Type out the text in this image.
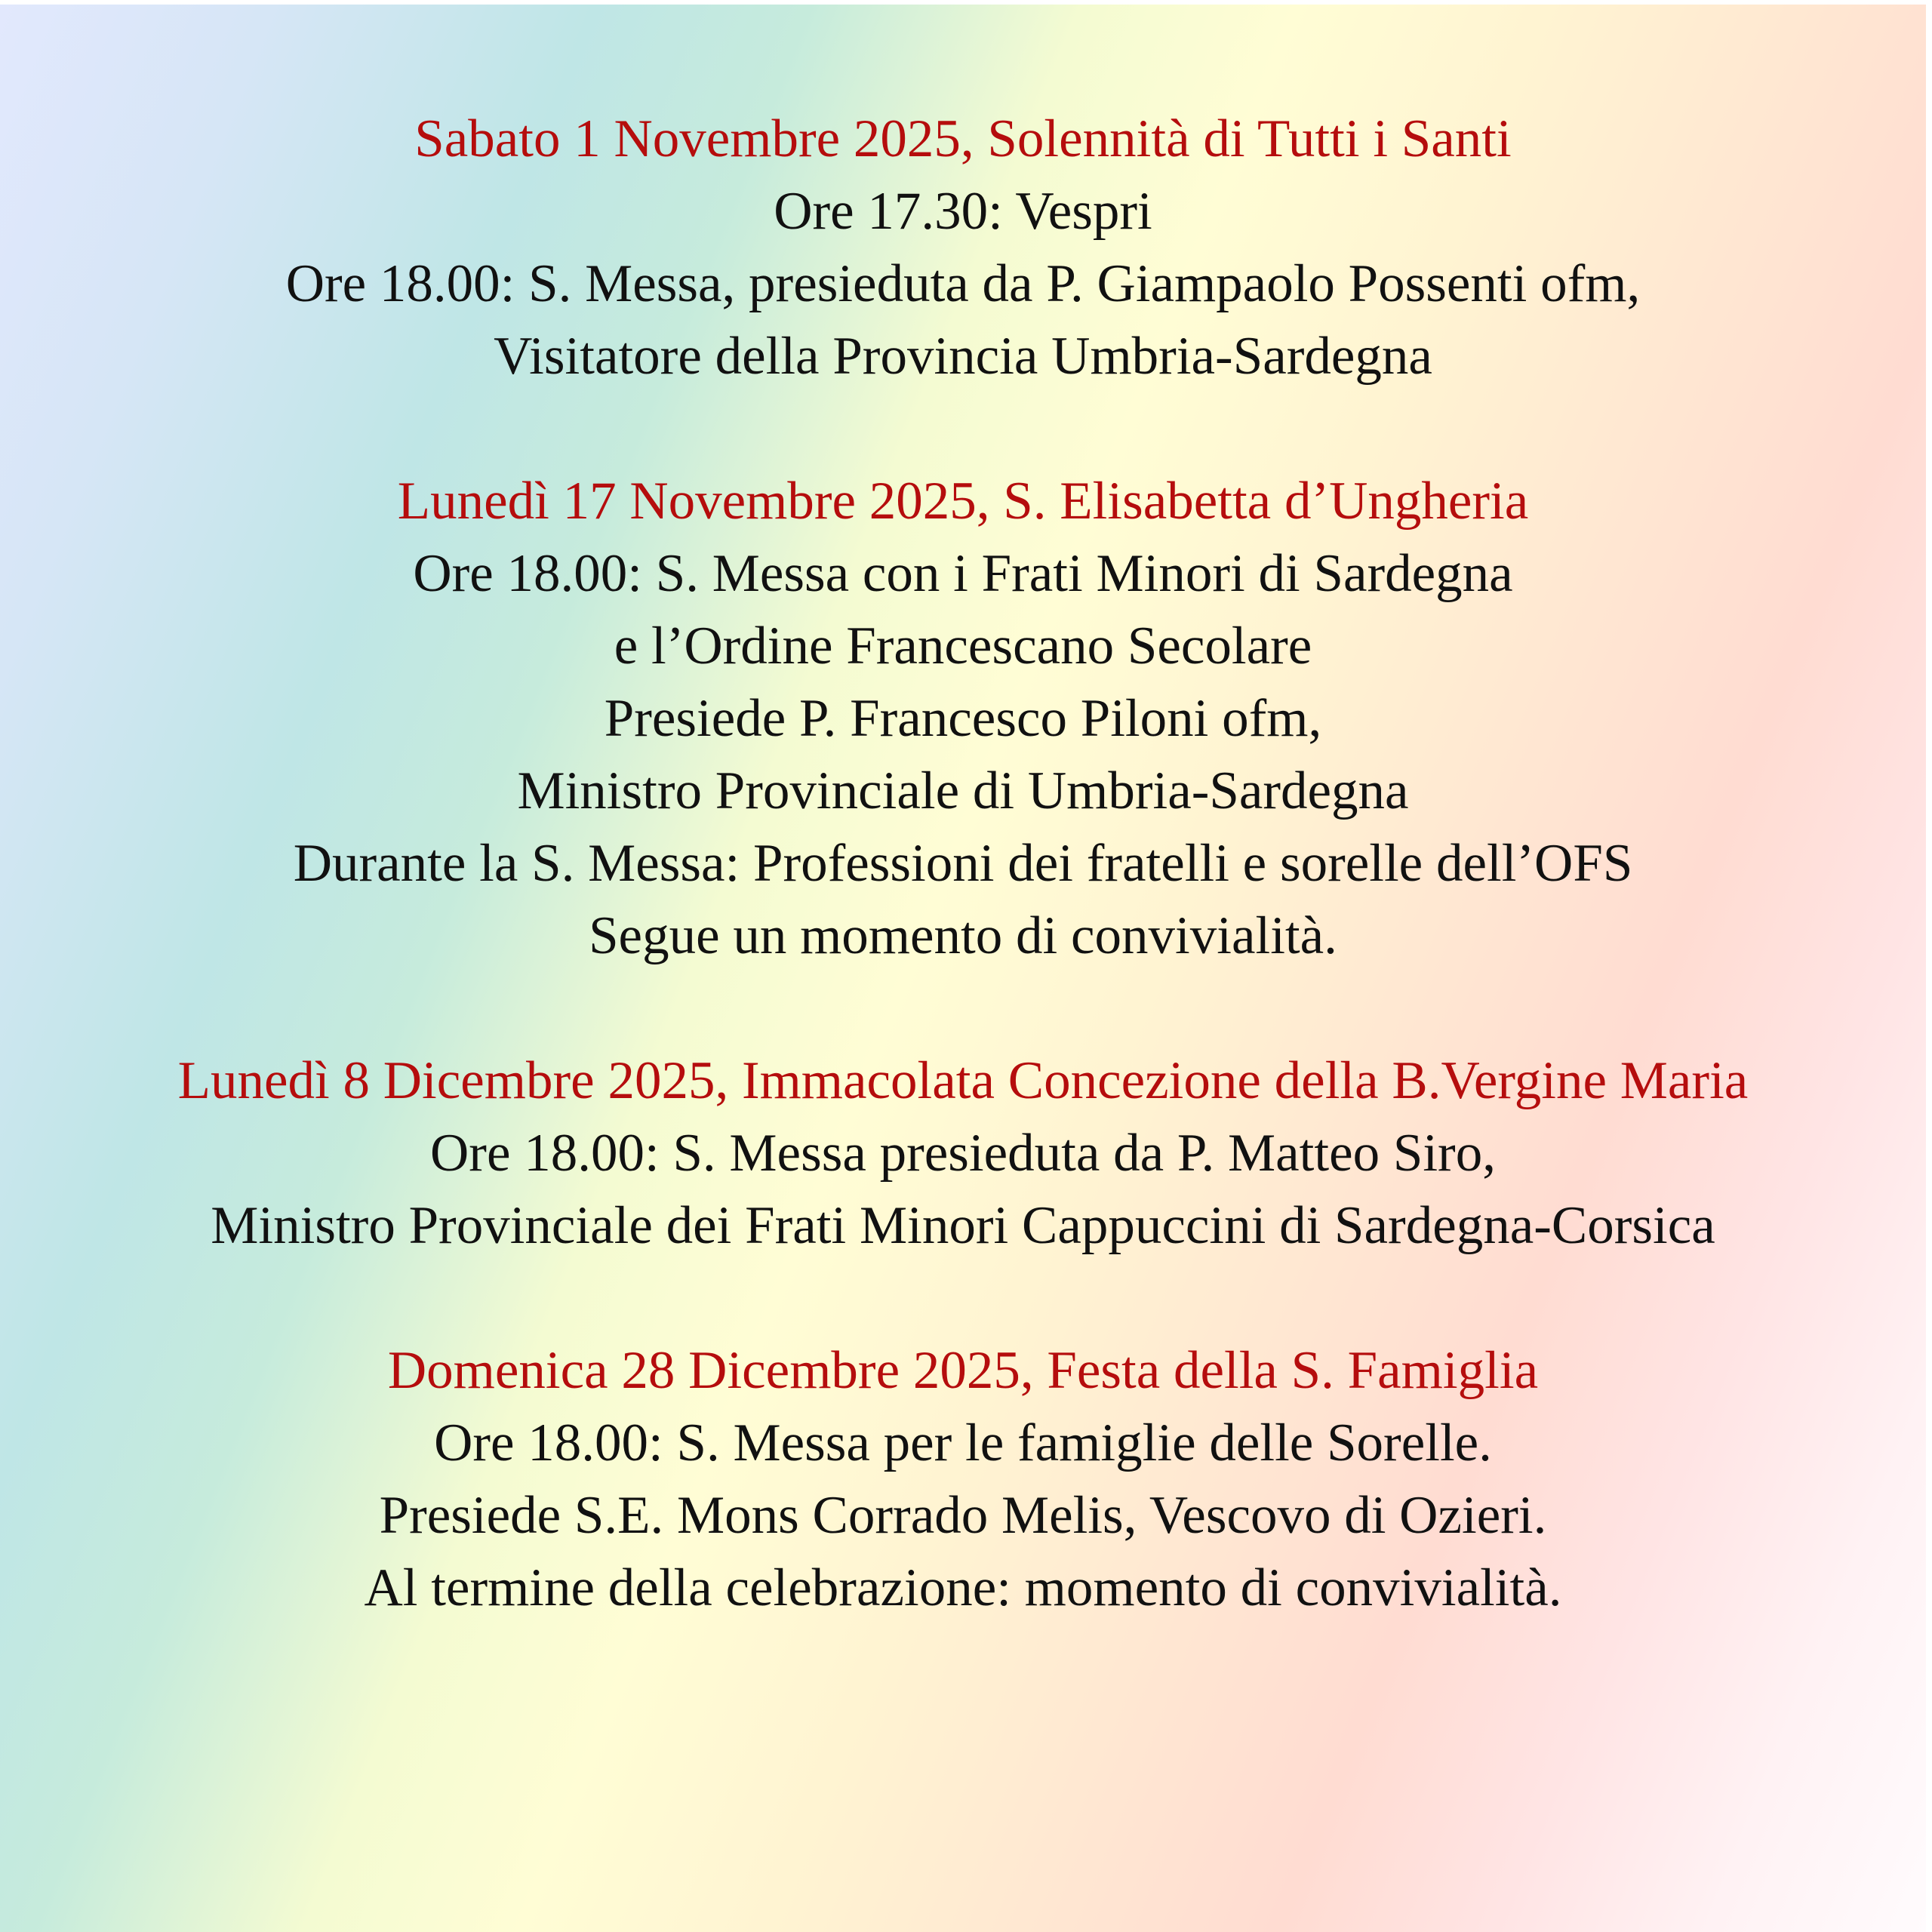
Sabato 1 Novembre 2025, Solennità di Tutti i Santi
Ore 17.30: Vespri
Ore 18.00: S. Messa, presieduta da P. Giampaolo Possenti ofm,
Visitatore della Provincia Umbria-Sardegna
Lunedì 17 Novembre 2025, S. Elisabetta d’Ungheria
Ore 18.00: S. Messa con i Frati Minori di Sardegna
e l’Ordine Francescano Secolare
Presiede P. Francesco Piloni ofm,
Ministro Provinciale di Umbria-Sardegna
Durante la S. Messa: Professioni dei fratelli e sorelle dell’OFS
Segue un momento di convivialità.
Lunedì 8 Dicembre 2025, Immacolata Concezione della B.Vergine Maria
Ore 18.00: S. Messa presieduta da P. Matteo Siro,
Ministro Provinciale dei Frati Minori Cappuccini di Sardegna-Corsica
Domenica 28 Dicembre 2025, Festa della S. Famiglia
Ore 18.00: S. Messa per le famiglie delle Sorelle.
Presiede S.E. Mons Corrado Melis, Vescovo di Ozieri.
Al termine della celebrazione: momento di convivialità.
